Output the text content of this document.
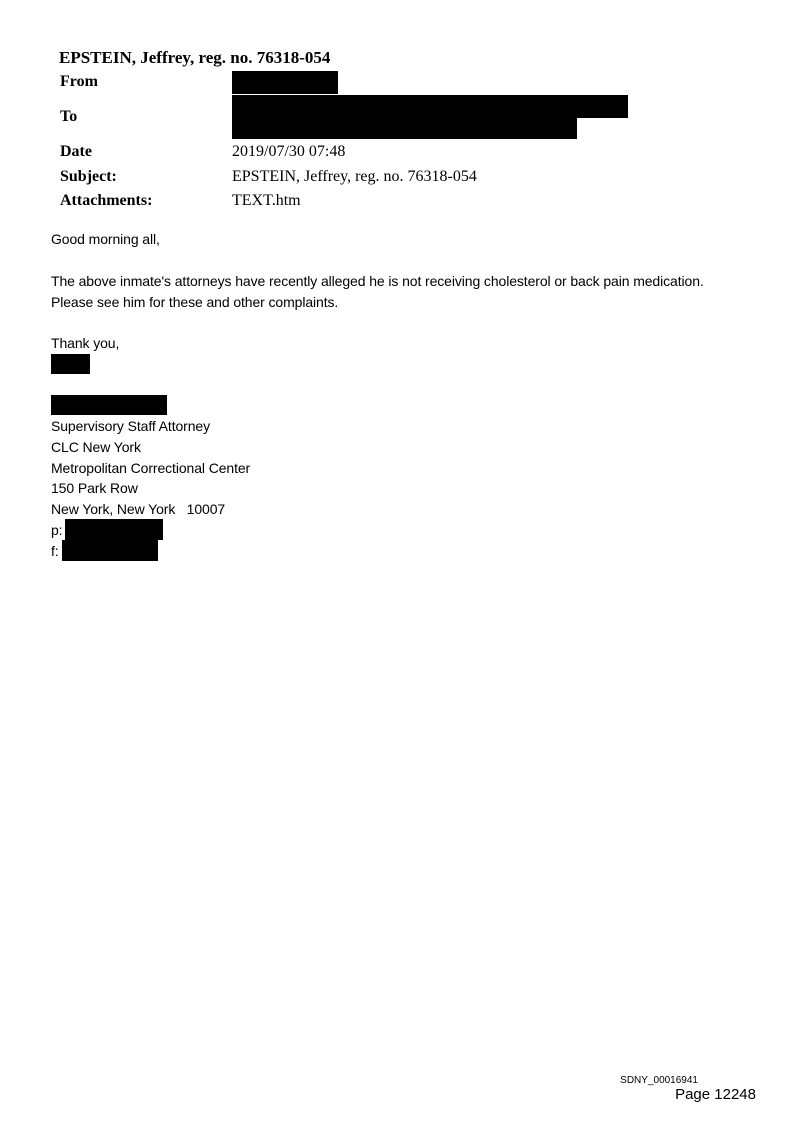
EPSTEIN, Jeffrey, reg. no. 76318-054
From
To
Date	2019/07/30 07:48
Subject:	EPSTEIN, Jeffrey, reg. no. 76318-054
Attachments:	TEXT.htm
Good morning all,
The above inmate's attorneys have recently alleged he is not receiving cholesterol or back pain medication.
Please see him for these and other complaints.
Thank you,
Supervisory Staff Attorney
CLC New York
Metropolitan Correctional Center
150 Park Row
New York, New York   10007
p:
f:
SDNY_00016941
Page 12248
